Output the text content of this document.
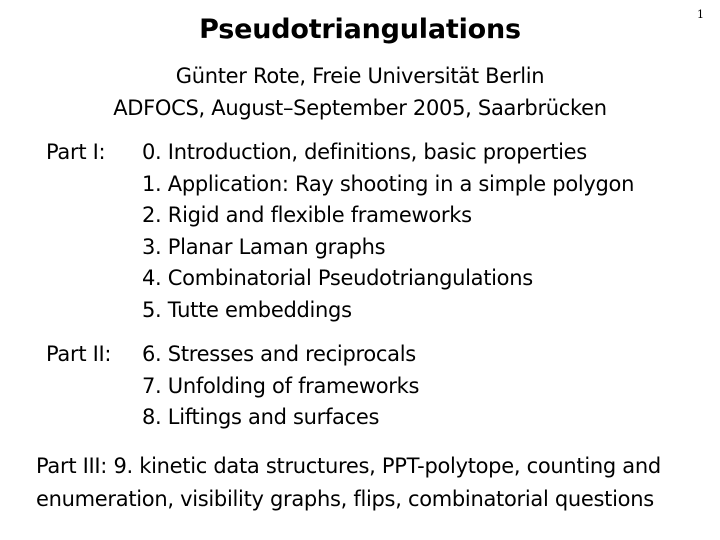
1
Pseudotriangulations
Günter Rote, Freie Universität Berlin
ADFOCS, August–September 2005, Saarbrücken
Part I:	0. Introduction, definitions, basic properties
1. Application: Ray shooting in a simple polygon
2. Rigid and flexible frameworks
3. Planar Laman graphs
4. Combinatorial Pseudotriangulations
5. Tutte embeddings
Part II:	6. Stresses and reciprocals
7. Unfolding of frameworks
8. Liftings and surfaces
Part III: 9. kinetic data structures, PPT-polytope, counting and
enumeration, visibility graphs, flips, combinatorial questions
